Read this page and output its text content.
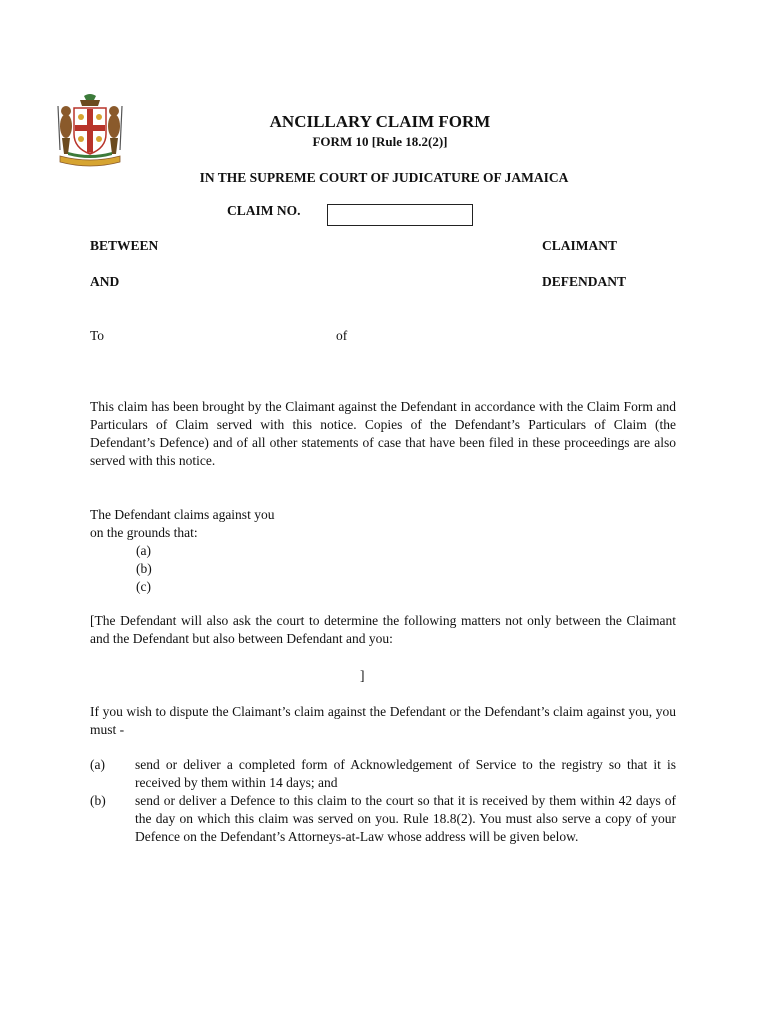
ANCILLARY CLAIM FORM
FORM 10 [Rule 18.2(2)]
IN THE SUPREME COURT OF JUDICATURE OF JAMAICA
CLAIM NO.
BETWEEN	CLAIMANT
AND	DEFENDANT
To	of
This claim has been brought by the Claimant against the Defendant in accordance with the Claim Form and Particulars of Claim served with this notice. Copies of the Defendant’s Particulars of Claim (the Defendant’s Defence) and of all other statements of case that have been filed in these proceedings are also served with this notice.
The Defendant claims against you
on the grounds that:
(a)
(b)
(c)
[The Defendant will also ask the court to determine the following matters not only between the Claimant and the Defendant but also between Defendant and you:
]
If you wish to dispute the Claimant’s claim against the Defendant or the Defendant’s claim against you, you must -
(a) send or deliver a completed form of Acknowledgement of Service to the registry so that it is received by them within 14 days; and
(b) send or deliver a Defence to this claim to the court so that it is received by them within 42 days of the day on which this claim was served on you. Rule 18.8(2). You must also serve a copy of your Defence on the Defendant’s Attorneys-at-Law whose address will be given below.
